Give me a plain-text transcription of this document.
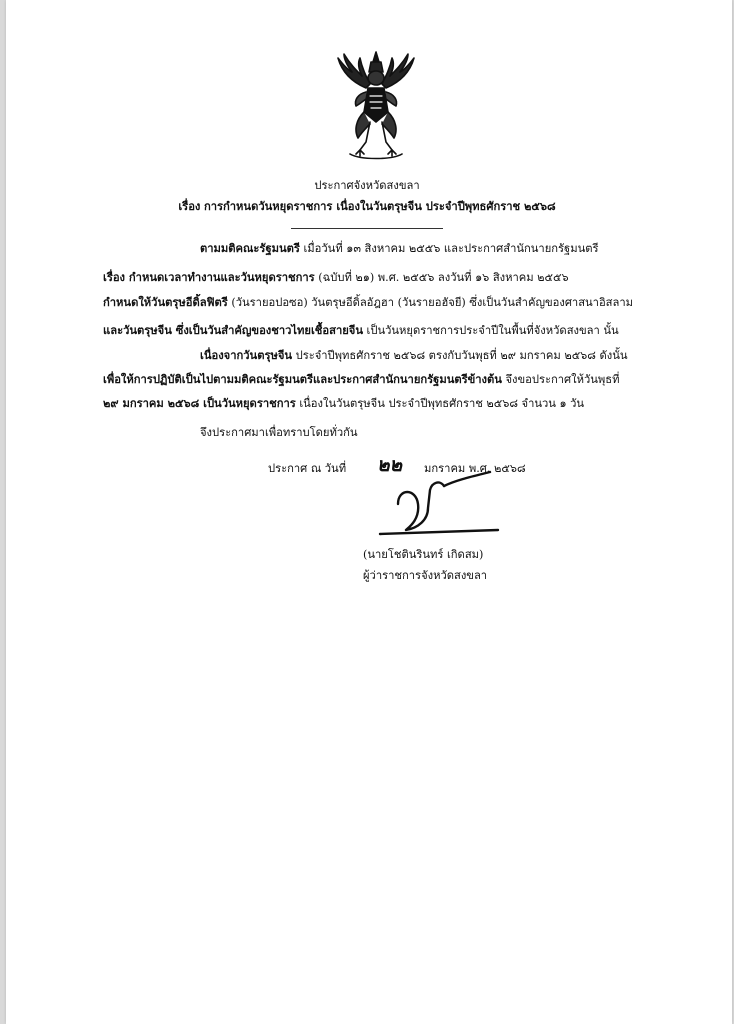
ประกาศจังหวัดสงขลา
เรื่อง การกำหนดวันหยุดราชการ เนื่องในวันตรุษจีน ประจำปีพุทธศักราช ๒๕๖๘
ตามมติคณะรัฐมนตรี เมื่อวันที่ ๑๓ สิงหาคม ๒๕๕๖ และประกาศสำนักนายกรัฐมนตรี
เรื่อง กำหนดเวลาทำงานและวันหยุดราชการ (ฉบับที่ ๒๑) พ.ศ. ๒๕๕๖ ลงวันที่ ๑๖ สิงหาคม ๒๕๕๖
กำหนดให้วันตรุษอีดิ้ลฟิตรี (วันรายอปอซอ) วันตรุษอีดิ้ลอัฎฮา (วันรายอฮัจยี) ซึ่งเป็นวันสำคัญของศาสนาอิสลาม
และวันตรุษจีน ซึ่งเป็นวันสำคัญของชาวไทยเชื้อสายจีน เป็นวันหยุดราชการประจำปีในพื้นที่จังหวัดสงขลา นั้น
เนื่องจากวันตรุษจีน ประจำปีพุทธศักราช ๒๕๖๘ ตรงกับวันพุธที่ ๒๙ มกราคม ๒๕๖๘ ดังนั้น
เพื่อให้การปฏิบัติเป็นไปตามมติคณะรัฐมนตรีและประกาศสำนักนายกรัฐมนตรีข้างต้น จึงขอประกาศให้วันพุธที่
๒๙ มกราคม ๒๕๖๘ เป็นวันหยุดราชการ เนื่องในวันตรุษจีน ประจำปีพุทธศักราช ๒๕๖๘ จำนวน ๑ วัน
จึงประกาศมาเพื่อทราบโดยทั่วกัน
ประกาศ ณ วันที่ ๒๒ มกราคม พ.ศ. ๒๕๖๘
(นายโชตินรินทร์ เกิดสม)
ผู้ว่าราชการจังหวัดสงขลา
